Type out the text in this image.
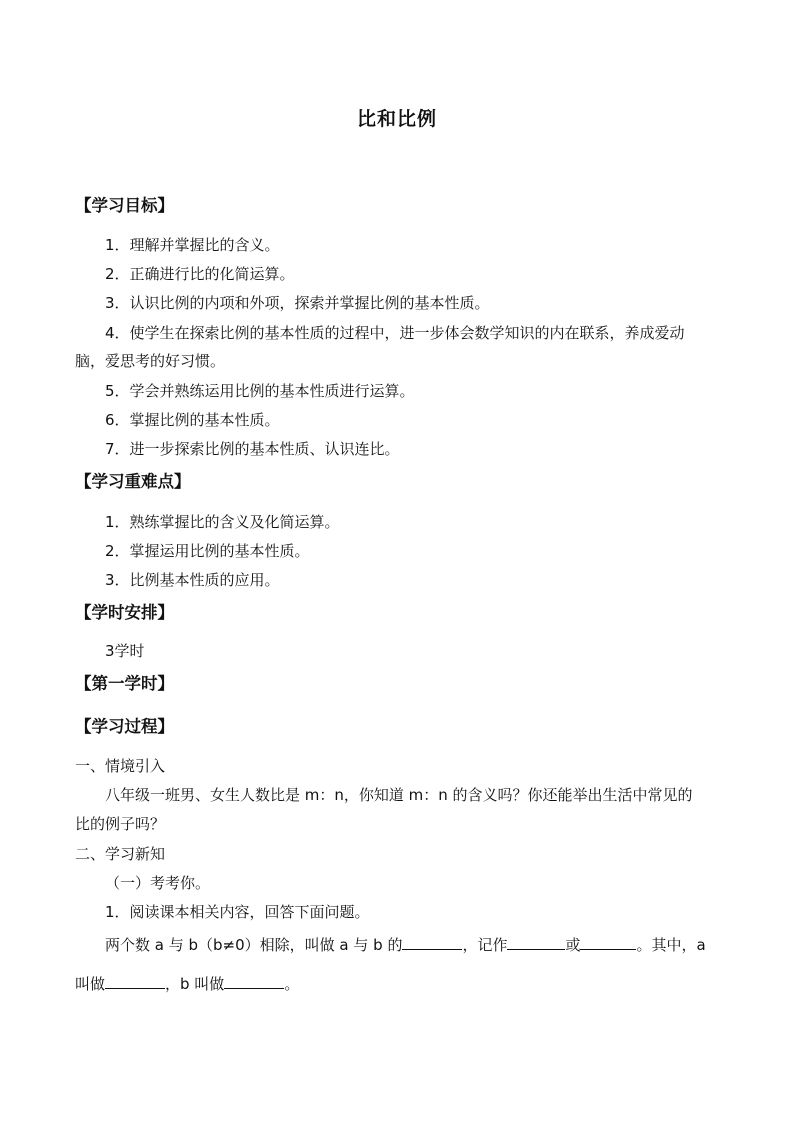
比和比例
【学习目标】
1．理解并掌握比的含义。
2．正确进行比的化简运算。
3．认识比例的内项和外项，探索并掌握比例的基本性质。
4．使学生在探索比例的基本性质的过程中，进一步体会数学知识的内在联系，养成爱动
脑，爱思考的好习惯。
5．学会并熟练运用比例的基本性质进行运算。
6．掌握比例的基本性质。
7．进一步探索比例的基本性质、认识连比。
【学习重难点】
1．熟练掌握比的含义及化简运算。
2．掌握运用比例的基本性质。
3．比例基本性质的应用。
【学时安排】
3学时
【第一学时】
【学习过程】
一、情境引入
八年级一班男、女生人数比是 m：n，你知道 m：n 的含义吗？你还能举出生活中常见的
比的例子吗？
二、学习新知
（一）考考你。
1．阅读课本相关内容，回答下面问题。
两个数 a 与 b（b≠0）相除，叫做 a 与 b 的	，记作	或	。其中，a
叫做	，b 叫做	。
